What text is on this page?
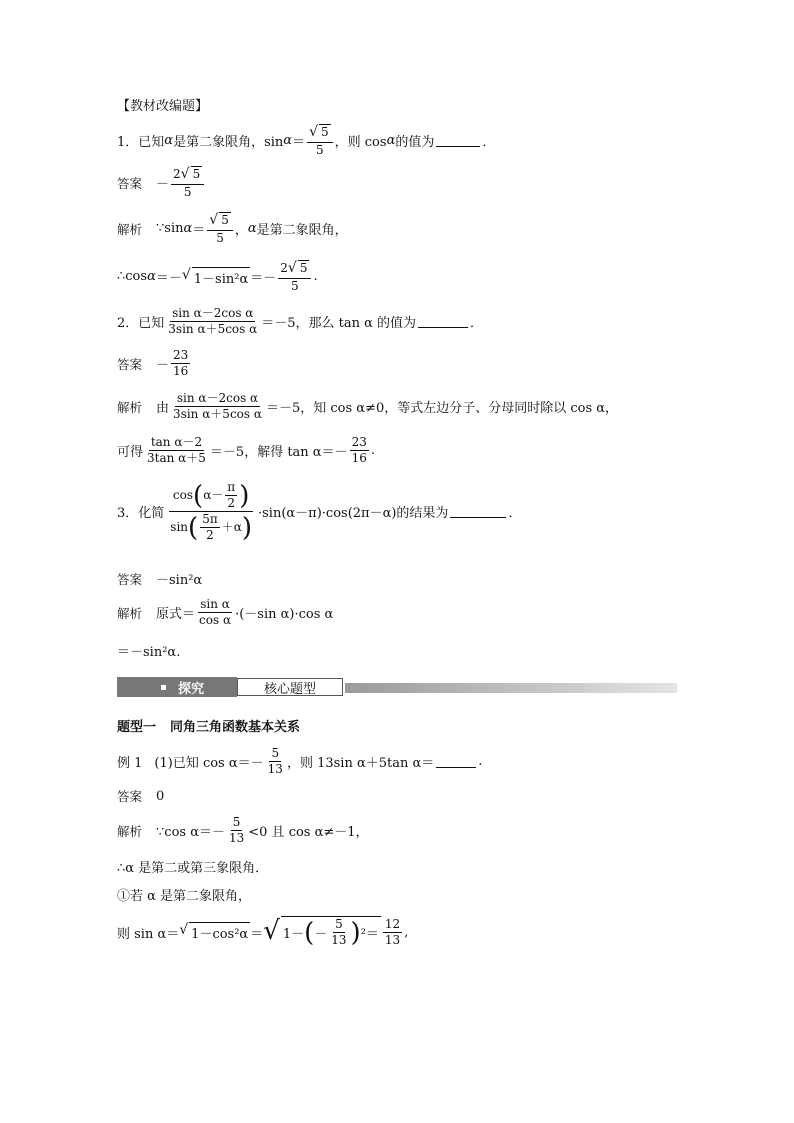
【教材改编题】
1． 已知 α 是第二象限角，$\sin \alpha = \frac{√ 5}{5}$ ，则 cos α 的值为	．
答案 － $\frac{2 √ 5}{5}$
解析 ∵sin $\alpha = \frac{√ 5}{5}$ ， α 是第二象限角，
∴cos α ＝－ √ $1-\sin^2\alpha =- \frac{2 √ 5}{5}$ .
2． 已知 $\frac{\text{sin α－2cos α}}{\text{3sin α＋5cos α}} =-5$，那么 tan α 的值为	．
答案 － $\frac{23}{16}$
解析 由 $\frac{\text{sin α－2cos α}}{\text{3sin α＋5cos α}} =-5$，知 cos α≠0，等式左边分子、分母同时除以 cos α，
可得 $\frac{\text{tan α－2}}{\text{3tan α＋5}} =-5$，解得 $\tan \alpha=- \frac{23}{16}$ .
3． 化简
cos ( $\alpha- \frac{\pi}{2}$ )
sin ( $\frac{5\pi}{2} +\alpha$ ) ·sin(α－π)·cos(2π－α)的结果为	．
答案 －sin²α
解析 原式＝ $\frac{\text{sin α}}{\text{cos α}} \cdot(-\sin$ α)·cos α
＝－sin²α.
探究	核心题型
题型一 同角三角函数基本关系
例 1 (1)已知 $\cos \alpha=- \frac{5}{13}$ ，则 13sin α＋5tan α＝	.
答案 0
解析 ∵cos $\alpha=- \frac{5}{13} <0$ 且 cos α≠－1，
∴α 是第二或第三象限角．
①若 α 是第二象限角，
则 sin α＝ √ 1－cos²α ＝ √ 1－ ( － $\frac{5}{13}$ ) $^2= \frac{12}{13}$ ,
